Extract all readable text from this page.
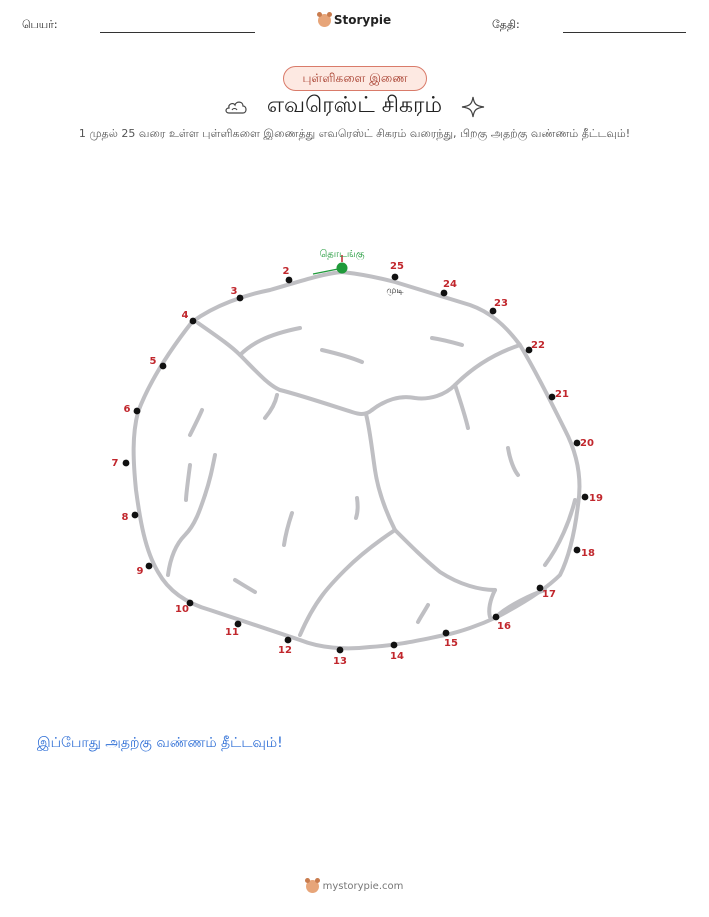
பெயர்:	Storypie	தேதி:
புள்ளிகளை இணை
எவரெஸ்ட் சிகரம்
1 முதல் 25 வரை உள்ள புள்ளிகளை இணைத்து எவரெஸ்ட் சிகரம் வரைந்து, பிறகு அதற்கு வண்ணம் தீட்டவும்!
தொடங்கு
முடி
2
3
4
5
6
7
8
9
10
11
12
13	14
15
16
17
18
19
20
21
22
23
24
25
இப்போது அதற்கு வண்ணம் தீட்டவும்!
mystorypie.com
